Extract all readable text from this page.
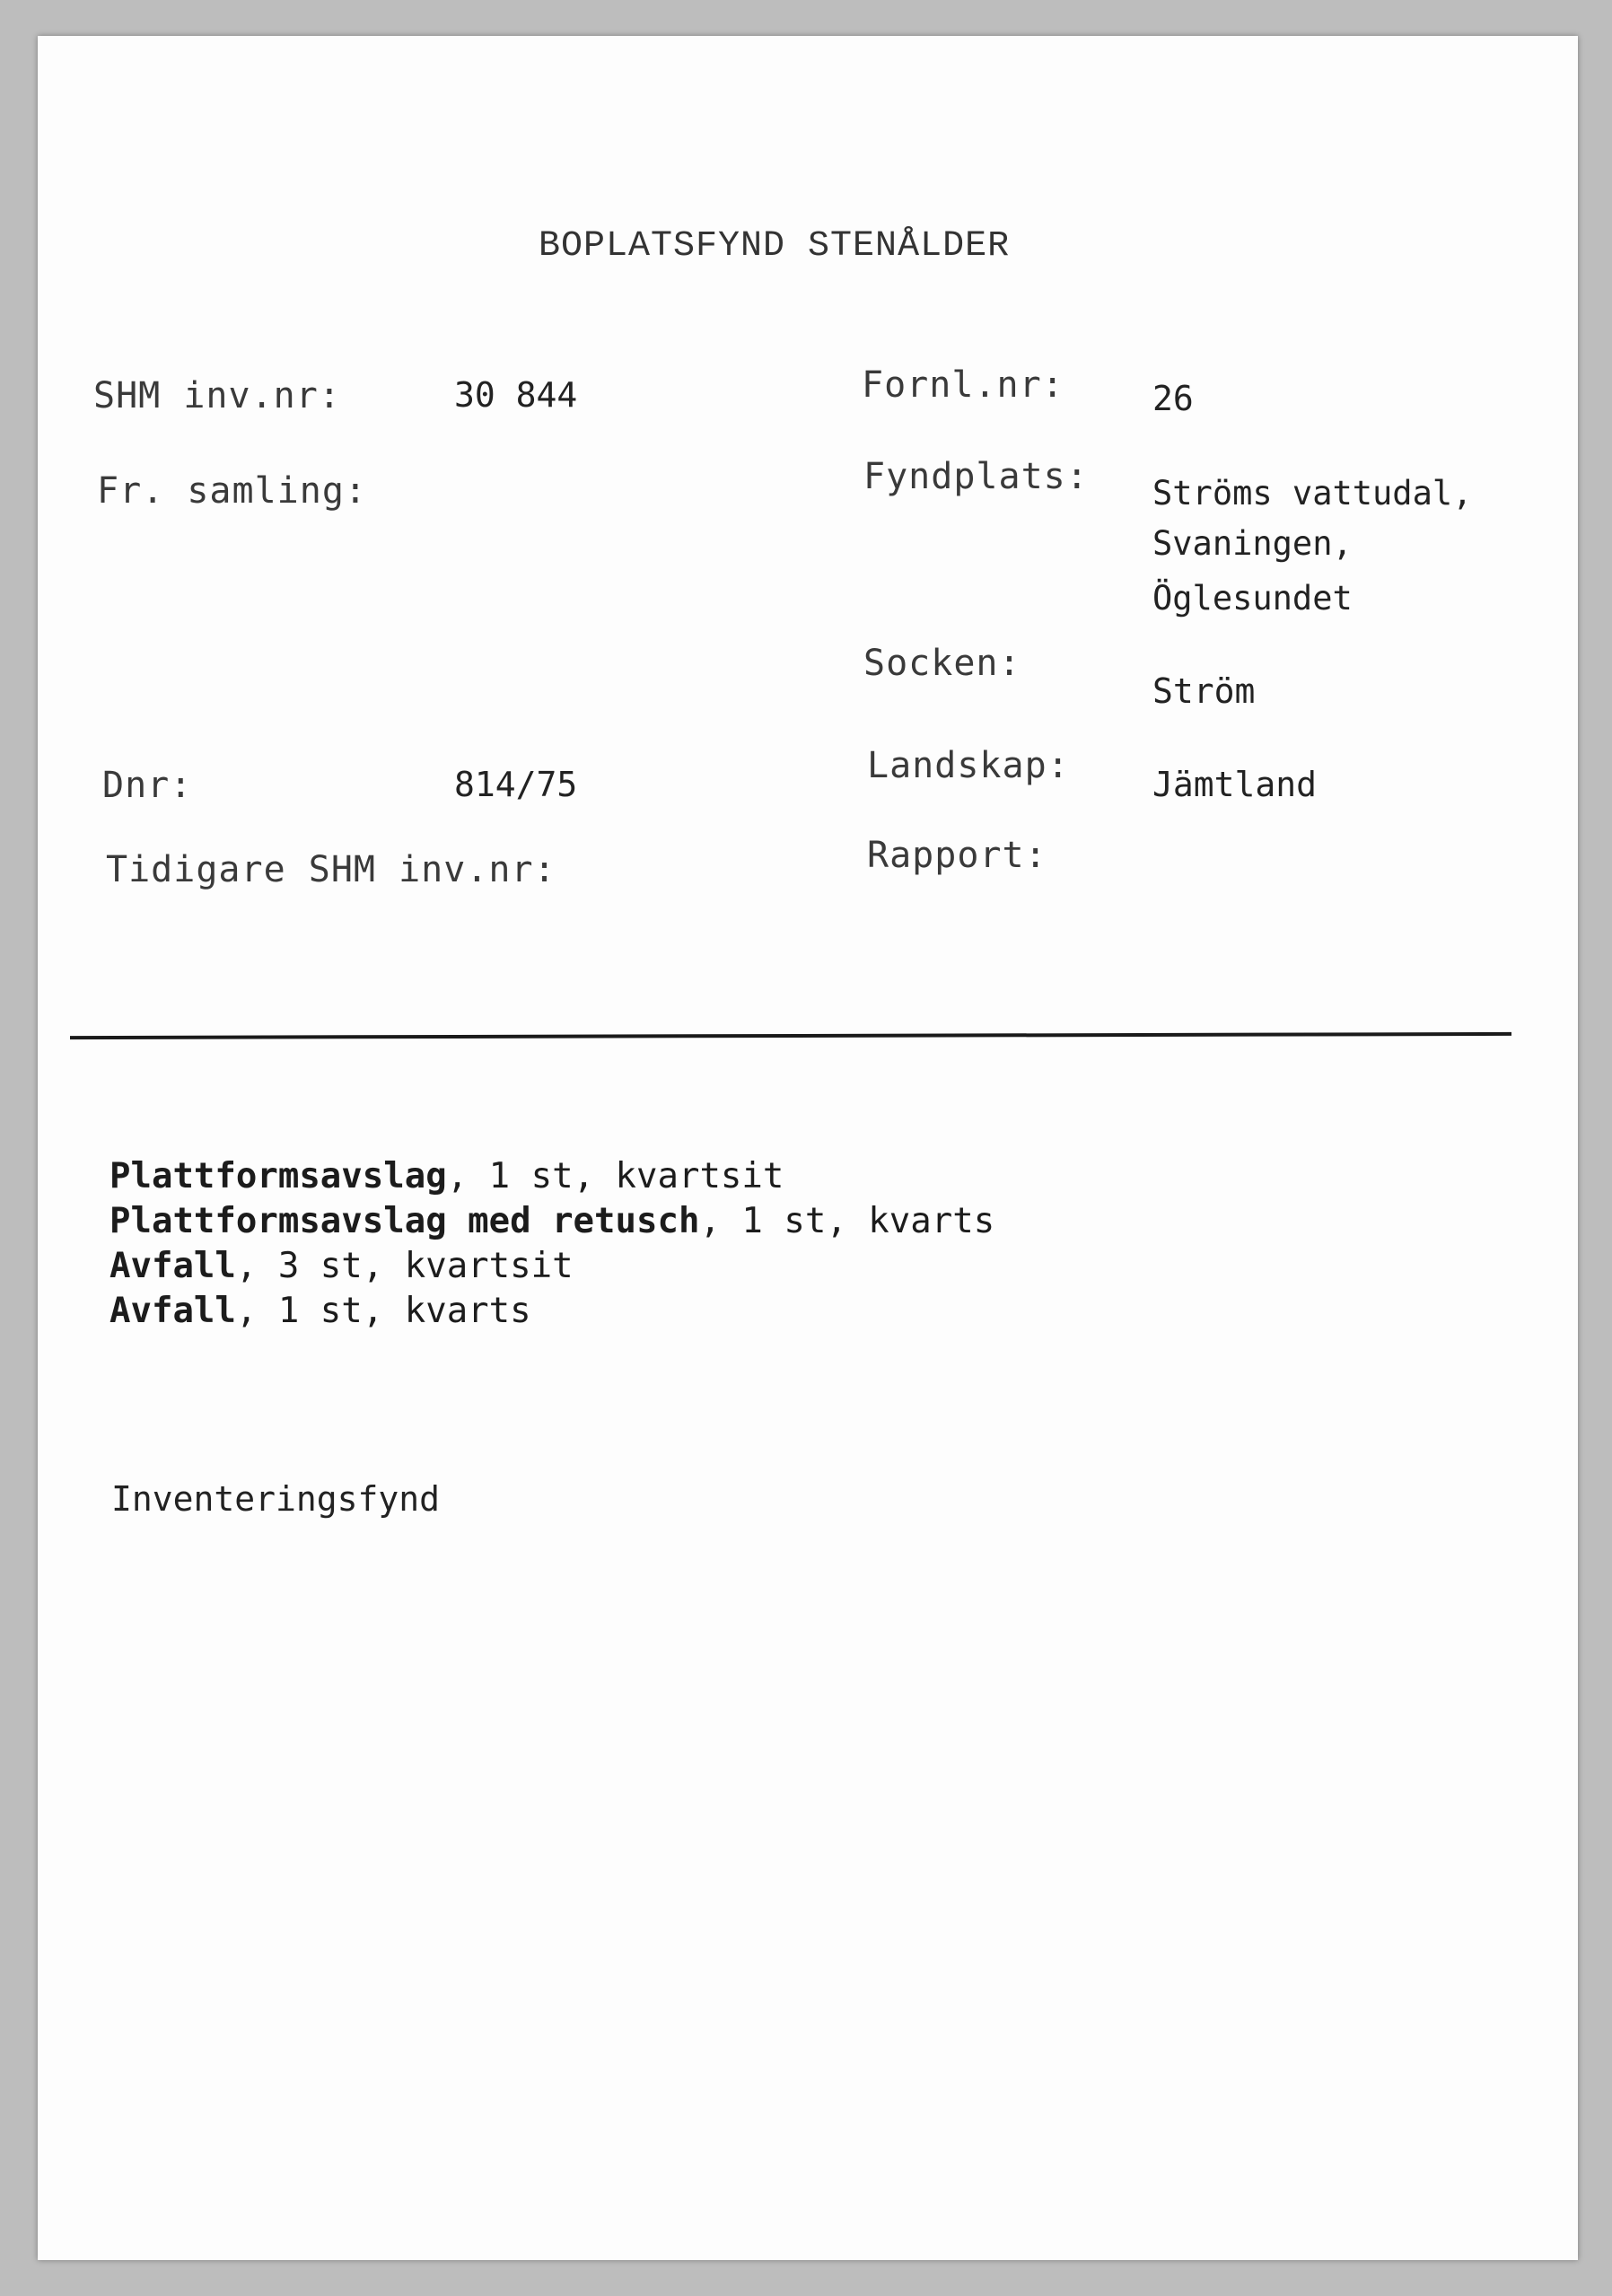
BOPLATSFYND STENÅLDER
SHM inv.nr:	30 844
Fr. samling:
Dnr:	814/75
Tidigare SHM inv.nr:
Fornl.nr:	26
Fyndplats: Ströms vattudal,
Svaningen,
Öglesundet
Socken:
Ström
Landskap: Jämtland
Rapport:
Plattformsavslag, 1 st, kvartsit
Plattformsavslag med retusch, 1 st, kvarts
Avfall, 3 st, kvartsit
Avfall, 1 st, kvarts
Inventeringsfynd
